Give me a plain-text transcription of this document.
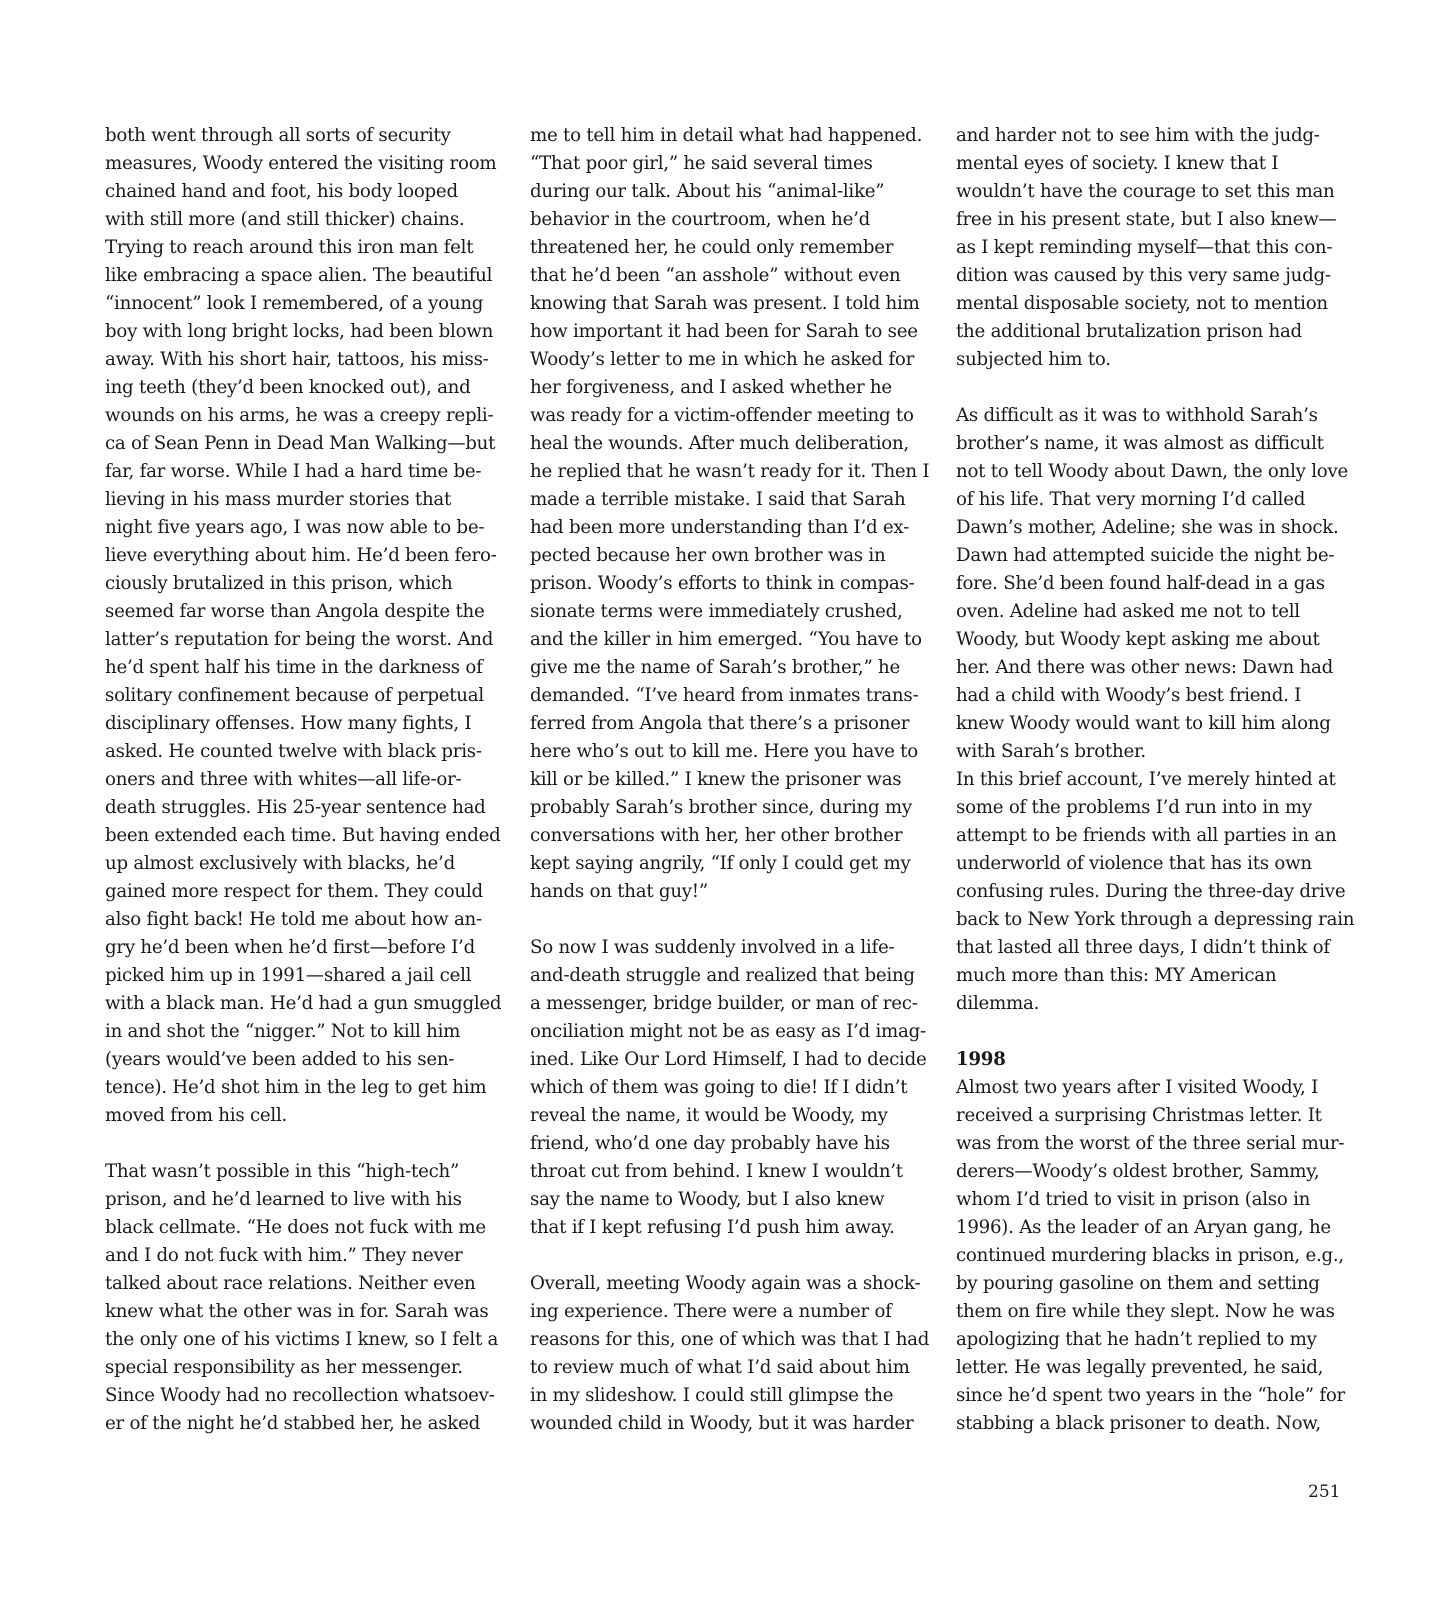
both went through all sorts of security
measures, Woody entered the visiting room
chained hand and foot, his body looped
with still more (and still thicker) chains.
Trying to reach around this iron man felt
like embracing a space alien. The beautiful
“innocent” look I remembered, of a young
boy with long bright locks, had been blown
away. With his short hair, tattoos, his miss-
ing teeth (they’d been knocked out), and
wounds on his arms, he was a creepy repli-
ca of Sean Penn in Dead Man Walking—but
far, far worse. While I had a hard time be-
lieving in his mass murder stories that
night five years ago, I was now able to be-
lieve everything about him. He’d been fero-
ciously brutalized in this prison, which
seemed far worse than Angola despite the
latter’s reputation for being the worst. And
he’d spent half his time in the darkness of
solitary confinement because of perpetual
disciplinary offenses. How many fights, I
asked. He counted twelve with black pris-
oners and three with whites—all life-or-
death struggles. His 25-year sentence had
been extended each time. But having ended
up almost exclusively with blacks, he’d
gained more respect for them. They could
also fight back! He told me about how an-
gry he’d been when he’d first—before I’d
picked him up in 1991—shared a jail cell
with a black man. He’d had a gun smuggled
in and shot the “nigger.” Not to kill him
(years would’ve been added to his sen-
tence). He’d shot him in the leg to get him
moved from his cell.
That wasn’t possible in this “high-tech”
prison, and he’d learned to live with his
black cellmate. “He does not fuck with me
and I do not fuck with him.” They never
talked about race relations. Neither even
knew what the other was in for. Sarah was
the only one of his victims I knew, so I felt a
special responsibility as her messenger.
Since Woody had no recollection whatsoev-
er of the night he’d stabbed her, he asked
me to tell him in detail what had happened.
“That poor girl,” he said several times
during our talk. About his “animal-like”
behavior in the courtroom, when he’d
threatened her, he could only remember
that he’d been “an asshole” without even
knowing that Sarah was present. I told him
how important it had been for Sarah to see
Woody’s letter to me in which he asked for
her forgiveness, and I asked whether he
was ready for a victim-offender meeting to
heal the wounds. After much deliberation,
he replied that he wasn’t ready for it. Then I
made a terrible mistake. I said that Sarah
had been more understanding than I’d ex-
pected because her own brother was in
prison. Woody’s efforts to think in compas-
sionate terms were immediately crushed,
and the killer in him emerged. “You have to
give me the name of Sarah’s brother,” he
demanded. “I’ve heard from inmates trans-
ferred from Angola that there’s a prisoner
here who’s out to kill me. Here you have to
kill or be killed.” I knew the prisoner was
probably Sarah’s brother since, during my
conversations with her, her other brother
kept saying angrily, “If only I could get my
hands on that guy!”
So now I was suddenly involved in a life-
and-death struggle and realized that being
a messenger, bridge builder, or man of rec-
onciliation might not be as easy as I’d imag-
ined. Like Our Lord Himself, I had to decide
which of them was going to die! If I didn’t
reveal the name, it would be Woody, my
friend, who’d one day probably have his
throat cut from behind. I knew I wouldn’t
say the name to Woody, but I also knew
that if I kept refusing I’d push him away.
Overall, meeting Woody again was a shock-
ing experience. There were a number of
reasons for this, one of which was that I had
to review much of what I’d said about him
in my slideshow. I could still glimpse the
wounded child in Woody, but it was harder
and harder not to see him with the judg-
mental eyes of society. I knew that I
wouldn’t have the courage to set this man
free in his present state, but I also knew—
as I kept reminding myself—that this con-
dition was caused by this very same judg-
mental disposable society, not to mention
the additional brutalization prison had
subjected him to.
As difficult as it was to withhold Sarah’s
brother’s name, it was almost as difficult
not to tell Woody about Dawn, the only love
of his life. That very morning I’d called
Dawn’s mother, Adeline; she was in shock.
Dawn had attempted suicide the night be-
fore. She’d been found half-dead in a gas
oven. Adeline had asked me not to tell
Woody, but Woody kept asking me about
her. And there was other news: Dawn had
had a child with Woody’s best friend. I
knew Woody would want to kill him along
with Sarah’s brother.
In this brief account, I’ve merely hinted at
some of the problems I’d run into in my
attempt to be friends with all parties in an
underworld of violence that has its own
confusing rules. During the three-day drive
back to New York through a depressing rain
that lasted all three days, I didn’t think of
much more than this: MY American
dilemma.
1998
Almost two years after I visited Woody, I
received a surprising Christmas letter. It
was from the worst of the three serial mur-
derers—Woody’s oldest brother, Sammy,
whom I’d tried to visit in prison (also in
1996). As the leader of an Aryan gang, he
continued murdering blacks in prison, e.g.,
by pouring gasoline on them and setting
them on fire while they slept. Now he was
apologizing that he hadn’t replied to my
letter. He was legally prevented, he said,
since he’d spent two years in the “hole” for
stabbing a black prisoner to death. Now,
251
